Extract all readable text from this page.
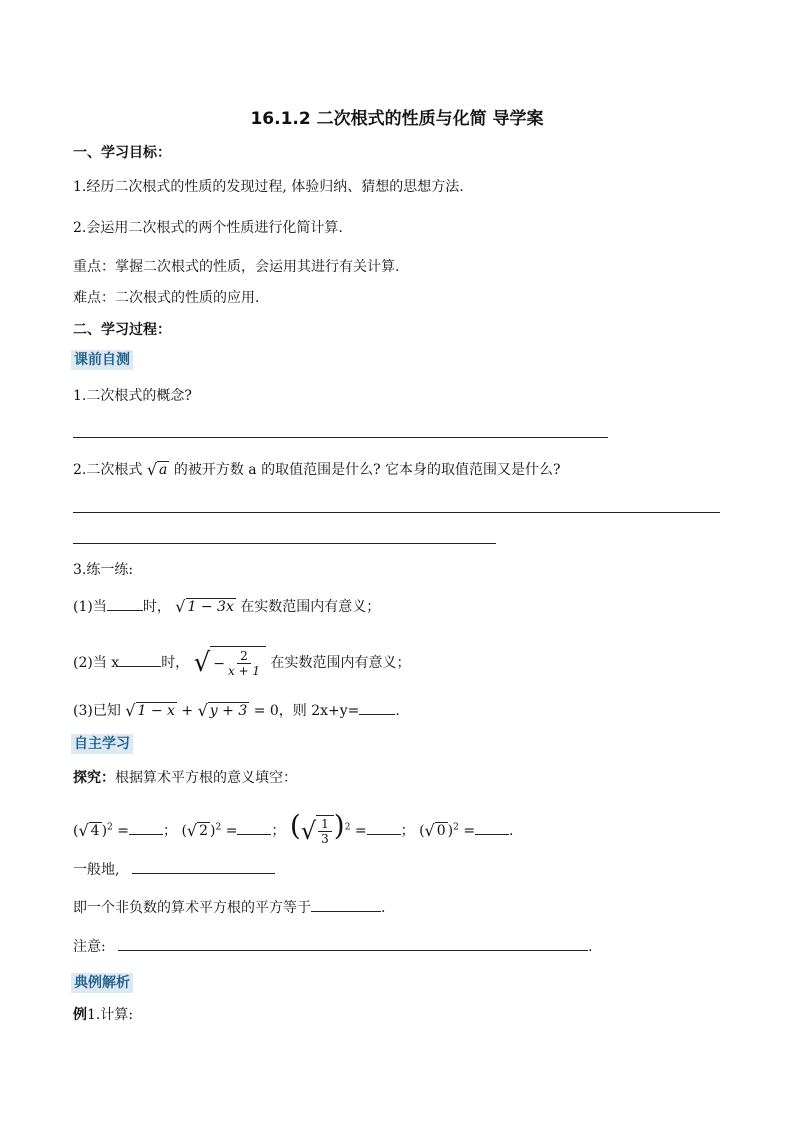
16.1.2 二次根式的性质与化简 导学案
一、学习目标：
1.经历二次根式的性质的发现过程, 体验归纳、猜想的思想方法.
2.会运用二次根式的两个性质进行化简计算.
重点：掌握二次根式的性质，会运用其进行有关计算.
难点：二次根式的性质的应用.
二、学习过程：
课前自测
1.二次根式的概念?
2.二次根式 √ a 的被开方数 a 的取值范围是什么? 它本身的取值范围又是什么?
3.练一练:
(1)当	时， √ 1 − 3x 在实数范围内有意义；
(2)当 x	时， √ − $\frac{2}{x + 1}$ 在实数范围内有意义；
(3)已知 √ 1 − x + √ y + 3 = 0，则 2x+y=	.
自主学习
探究：根据算术平方根的意义填空：
( √ 4 )$^2$ = ； ( √ 2 )$^2$ = ； ( √ $\frac{1}{3} )^2$ = ； ( √ 0 )$^2$ = .
一般地,
即一个非负数的算术平方根的平方等于	.
注意:	.
典例解析
例1.计算:
